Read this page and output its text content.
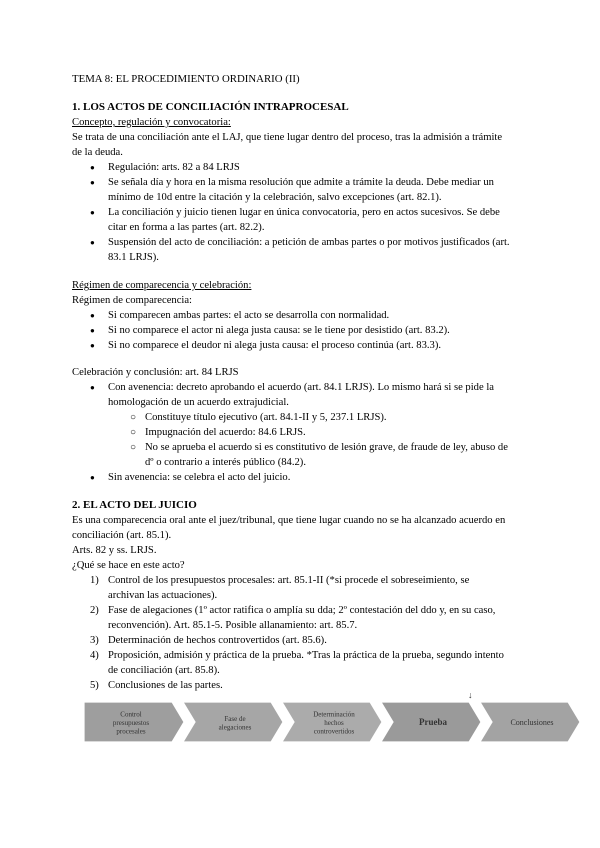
TEMA 8: EL PROCEDIMIENTO ORDINARIO (II)
1. LOS ACTOS DE CONCILIACIÓN INTRAPROCESAL
Concepto, regulación y convocatoria:
Se trata de una conciliación ante el LAJ, que tiene lugar dentro del proceso, tras la admisión a trámite
de la deuda.
● Regulación: arts. 82 a 84 LRJS
● Se señala día y hora en la misma resolución que admite a trámite la deuda. Debe mediar un
mínimo de 10d entre la citación y la celebración, salvo excepciones (art. 82.1).
● La conciliación y juicio tienen lugar en única convocatoria, pero en actos sucesivos. Se debe
citar en forma a las partes (art. 82.2).
● Suspensión del acto de conciliación: a petición de ambas partes o por motivos justificados (art.
83.1 LRJS).
Régimen de comparecencia y celebración:
Régimen de comparecencia:
● Si comparecen ambas partes: el acto se desarrolla con normalidad.
● Si no comparece el actor ni alega justa causa: se le tiene por desistido (art. 83.2).
● Si no comparece el deudor ni alega justa causa: el proceso continúa (art. 83.3).
Celebración y conclusión: art. 84 LRJS
● Con avenencia: decreto aprobando el acuerdo (art. 84.1 LRJS). Lo mismo hará si se pide la
homologación de un acuerdo extrajudicial.
○ Constituye título ejecutivo (art. 84.1-II y 5, 237.1 LRJS).
○ Impugnación del acuerdo: 84.6 LRJS.
○ No se aprueba el acuerdo si es constitutivo de lesión grave, de fraude de ley, abuso de
dº o contrario a interés público (84.2).
● Sin avenencia: se celebra el acto del juicio.
2. EL ACTO DEL JUICIO
Es una comparecencia oral ante el juez/tribunal, que tiene lugar cuando no se ha alcanzado acuerdo en
conciliación (art. 85.1).
Arts. 82 y ss. LRJS.
¿Qué se hace en este acto?
1) Control de los presupuestos procesales: art. 85.1-II (*si procede el sobreseimiento, se
archivan las actuaciones).
2) Fase de alegaciones (1º actor ratifica o amplía su dda; 2º contestación del ddo y, en su caso,
reconvención). Art. 85.1-5. Posible allanamiento: art. 85.7.
3) Determinación de hechos controvertidos (art. 85.6).
4) Proposición, admisión y práctica de la prueba. *Tras la práctica de la prueba, segundo intento
de conciliación (art. 85.8).
5) Conclusiones de las partes.
↓
Control
presupuestos
procesales
Fase de
alegaciones
Determinación
hechos
controvertidos
Prueba	Conclusiones
